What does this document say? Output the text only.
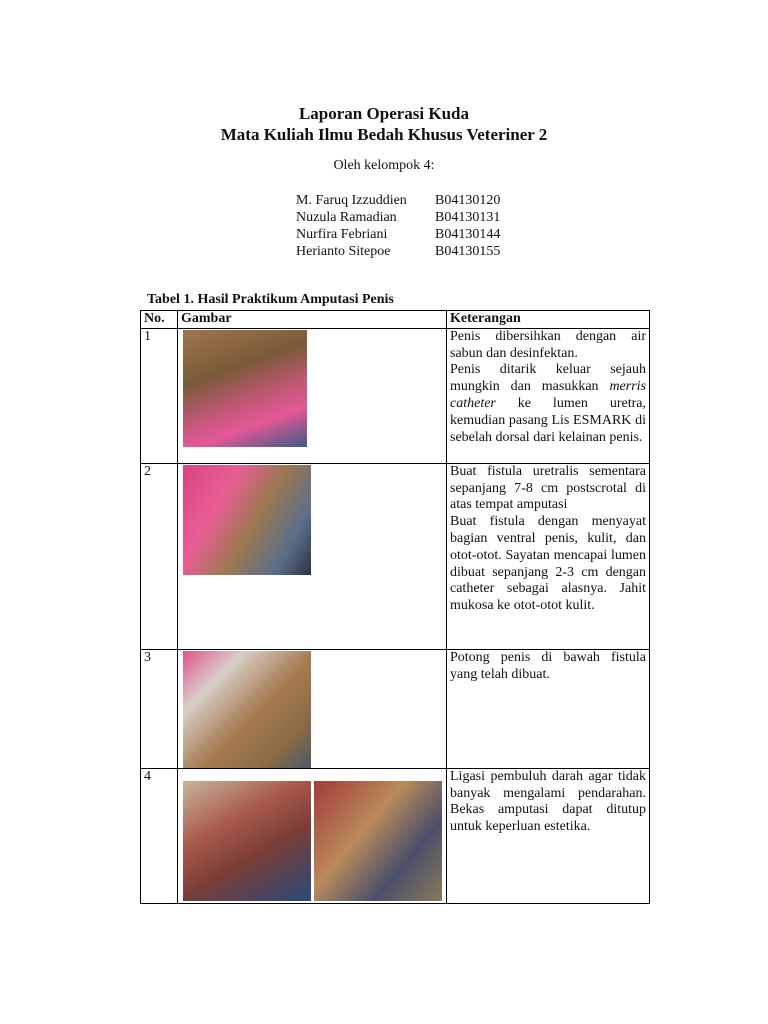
Laporan Operasi Kuda
Mata Kuliah Ilmu Bedah Khusus Veteriner 2
Oleh kelompok 4:
M. Faruq Izzuddien	B04130120
Nuzula Ramadian	B04130131
Nurfira Febriani	B04130144
Herianto Sitepoe	B04130155
Tabel 1. Hasil Praktikum Amputasi Penis
No.	Gambar	Keterangan
1		Penis dibersihkan dengan air sabun dan desinfektan.
Penis ditarik keluar sejauh mungkin dan masukkan merris catheter ke lumen uretra, kemudian pasang Lis ESMARK di sebelah dorsal dari kelainan penis.

2		Buat fistula uretralis sementara sepanjang 7-8 cm postscrotal di atas tempat amputasi
Buat fistula dengan menyayat bagian ventral penis, kulit, dan otot-otot. Sayatan mencapai lumen dibuat sepanjang 2-3 cm dengan catheter sebagai alasnya. Jahit mukosa ke otot-otot kulit.

3		Potong penis di bawah fistula yang telah dibuat.

4		Ligasi pembuluh darah agar tidak banyak mengalami pendarahan. Bekas amputasi dapat ditutup untuk keperluan estetika.
